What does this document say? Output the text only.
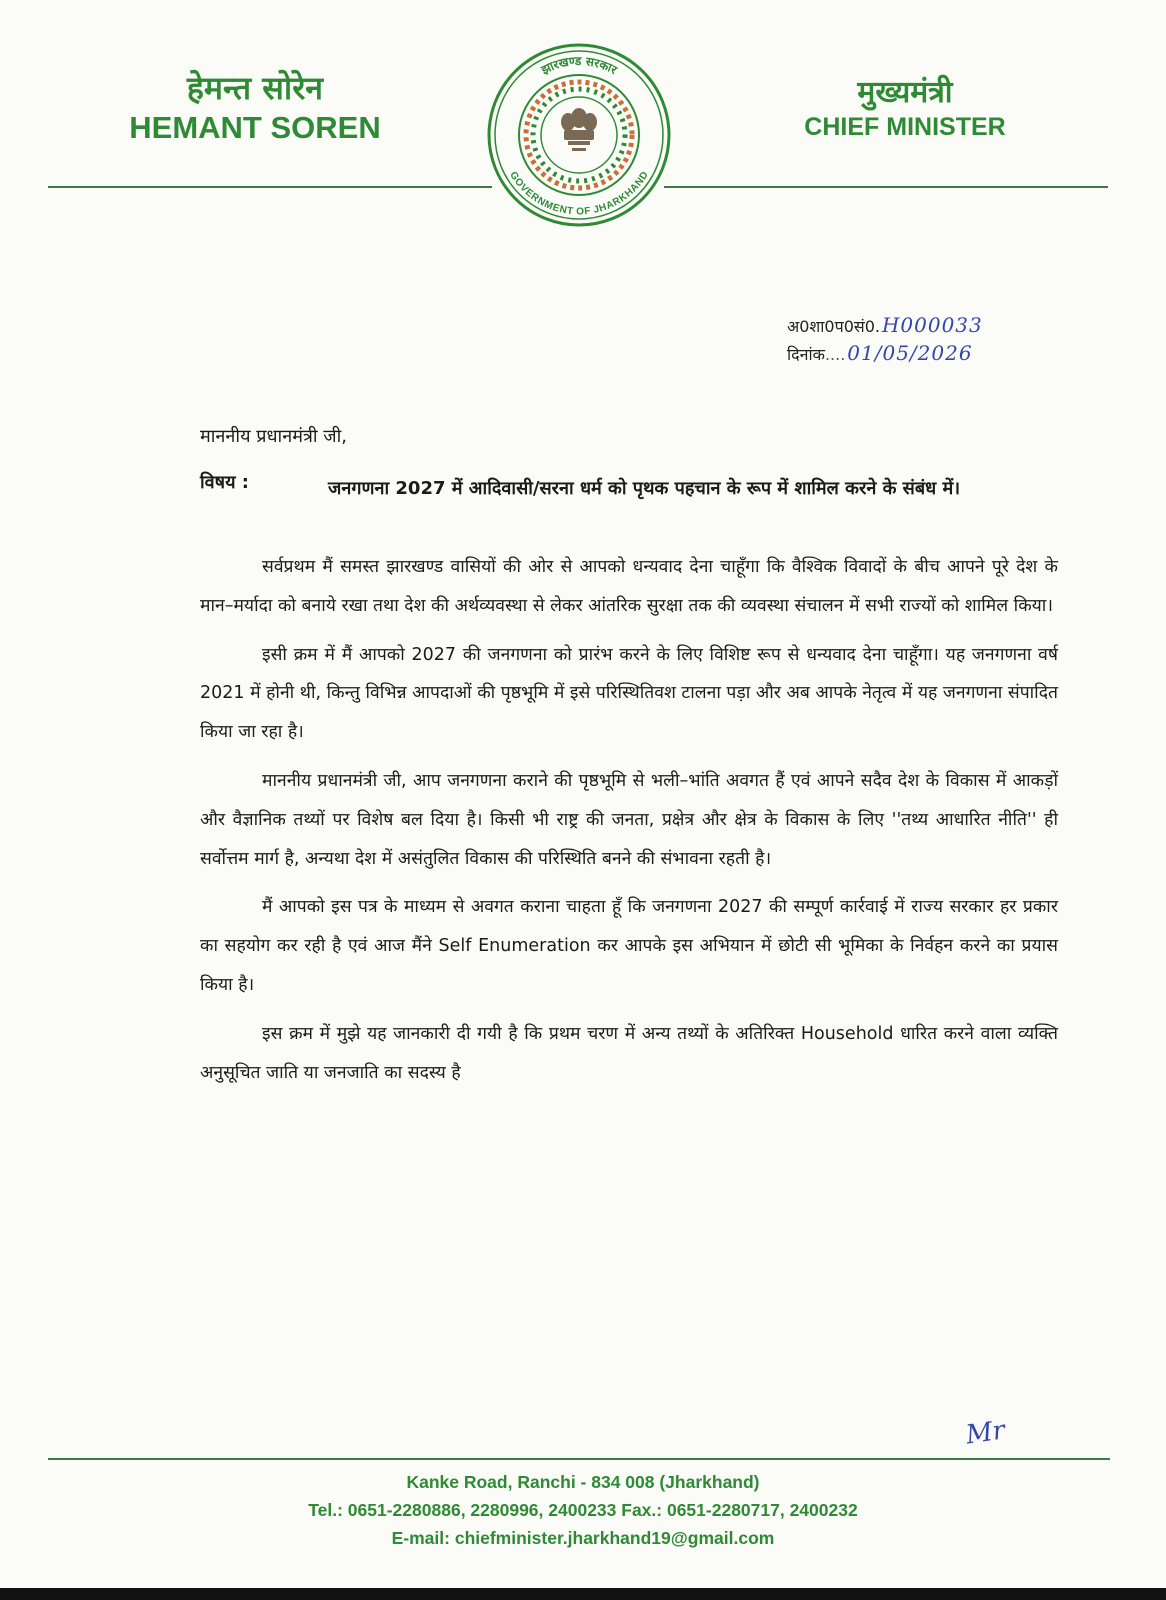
हेमन्त सोरेन
HEMANT SOREN
मुख्यमंत्री
CHIEF MINISTER
झारखण्ड सरकार
GOVERNMENT OF JHARKHAND
अ0शा0प0सं0. H000033
दिनांक .... 01/05/2026

माननीय प्रधानमंत्री जी,

विषय :	जनगणना 2027 में आदिवासी/सरना धर्म को पृथक पहचान के रूप में शामिल करने के संबंध में।

सर्वप्रथम मैं समस्त झारखण्ड वासियों की ओर से आपको धन्यवाद देना चाहूँगा कि वैश्विक विवादों के बीच आपने पूरे देश के मान–मर्यादा को बनाये रखा तथा देश की अर्थव्यवस्था से लेकर आंतरिक सुरक्षा तक की व्यवस्था संचालन में सभी राज्यों को शामिल किया।

इसी क्रम में मैं आपको 2027 की जनगणना को प्रारंभ करने के लिए विशिष्ट रूप से धन्यवाद देना चाहूँगा। यह जनगणना वर्ष 2021 में होनी थी, किन्तु विभिन्न आपदाओं की पृष्ठभूमि में इसे परिस्थितिवश टालना पड़ा और अब आपके नेतृत्व में यह जनगणना संपादित किया जा रहा है।

माननीय प्रधानमंत्री जी, आप जनगणना कराने की पृष्ठभूमि से भली–भांति अवगत हैं एवं आपने सदैव देश के विकास में आकड़ों और वैज्ञानिक तथ्यों पर विशेष बल दिया है। किसी भी राष्ट्र की जनता, प्रक्षेत्र और क्षेत्र के विकास के लिए ''तथ्य आधारित नीति'' ही सर्वोत्तम मार्ग है, अन्यथा देश में असंतुलित विकास की परिस्थिति बनने की संभावना रहती है।

मैं आपको इस पत्र के माध्यम से अवगत कराना चाहता हूँ कि जनगणना 2027 की सम्पूर्ण कार्रवाई में राज्य सरकार हर प्रकार का सहयोग कर रही है एवं आज मैंने Self Enumeration कर आपके इस अभियान में छोटी सी भूमिका के निर्वहन करने का प्रयास किया है।

इस क्रम में मुझे यह जानकारी दी गयी है कि प्रथम चरण में अन्य तथ्यों के अतिरिक्त Household धारित करने वाला व्यक्ति अनुसूचित जाति या जनजाति का सदस्य है

Mr
Kanke Road, Ranchi - 834 008 (Jharkhand)
Tel.: 0651-2280886, 2280996, 2400233 Fax.: 0651-2280717, 2400232
E-mail: chiefminister.jharkhand19@gmail.com
